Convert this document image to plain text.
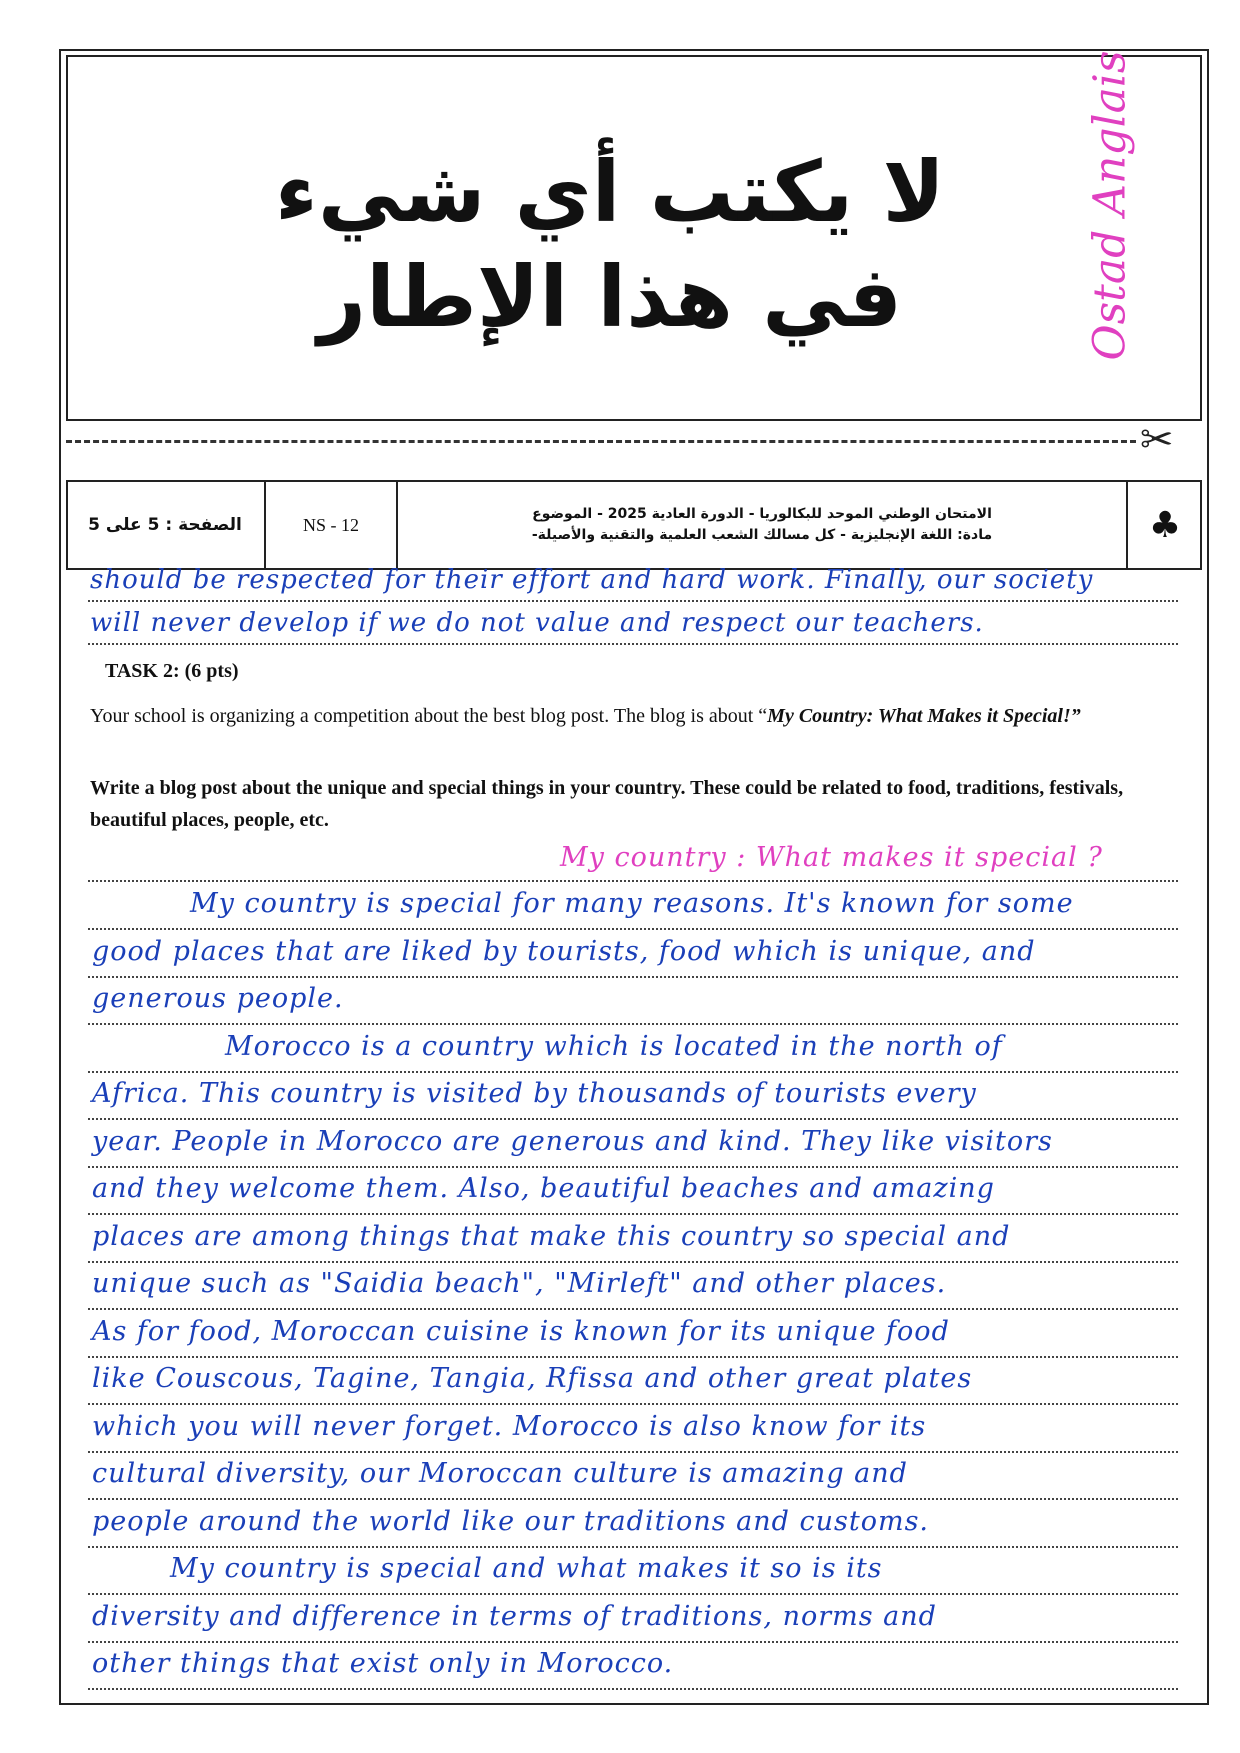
لا يكتب أي شيء
في هذا الإطار	Ostad Anglais
✂
الصفحة : 5 على 5	NS - 12
الامتحان الوطني الموحد للبكالوريا - الدورة العادية 2025 - الموضوع
مادة: اللغة الإنجليزية - كل مسالك الشعب العلمية والتقنية والأصيلة-	♣
should be respected for their effort and hard work. Finally, our society
will never develop if we do not value and respect our teachers.
TASK 2: (6 pts)

Your school is organizing a competition about the best blog post. The blog is about “My Country: What Makes it Special!”

Write a blog post about the unique and special things in your country. These could be related to food, traditions, festivals, beautiful places, people, etc.

My country : What makes it special ?
My country is special for many reasons. It's known for some
good places that are liked by tourists, food which is unique, and
generous people.
Morocco is a country which is located in the north of
Africa. This country is visited by thousands of tourists every
year. People in Morocco are generous and kind. They like visitors
and they welcome them. Also, beautiful beaches and amazing
places are among things that make this country so special and
unique such as "Saidia beach", "Mirleft" and other places.
As for food, Moroccan cuisine is known for its unique food
like Couscous, Tagine, Tangia, Rfissa and other great plates
which you will never forget. Morocco is also know for its
cultural diversity, our Moroccan culture is amazing and
people around the world like our traditions and customs.
My country is special and what makes it so is its
diversity and difference in terms of traditions, norms and
other things that exist only in Morocco.
